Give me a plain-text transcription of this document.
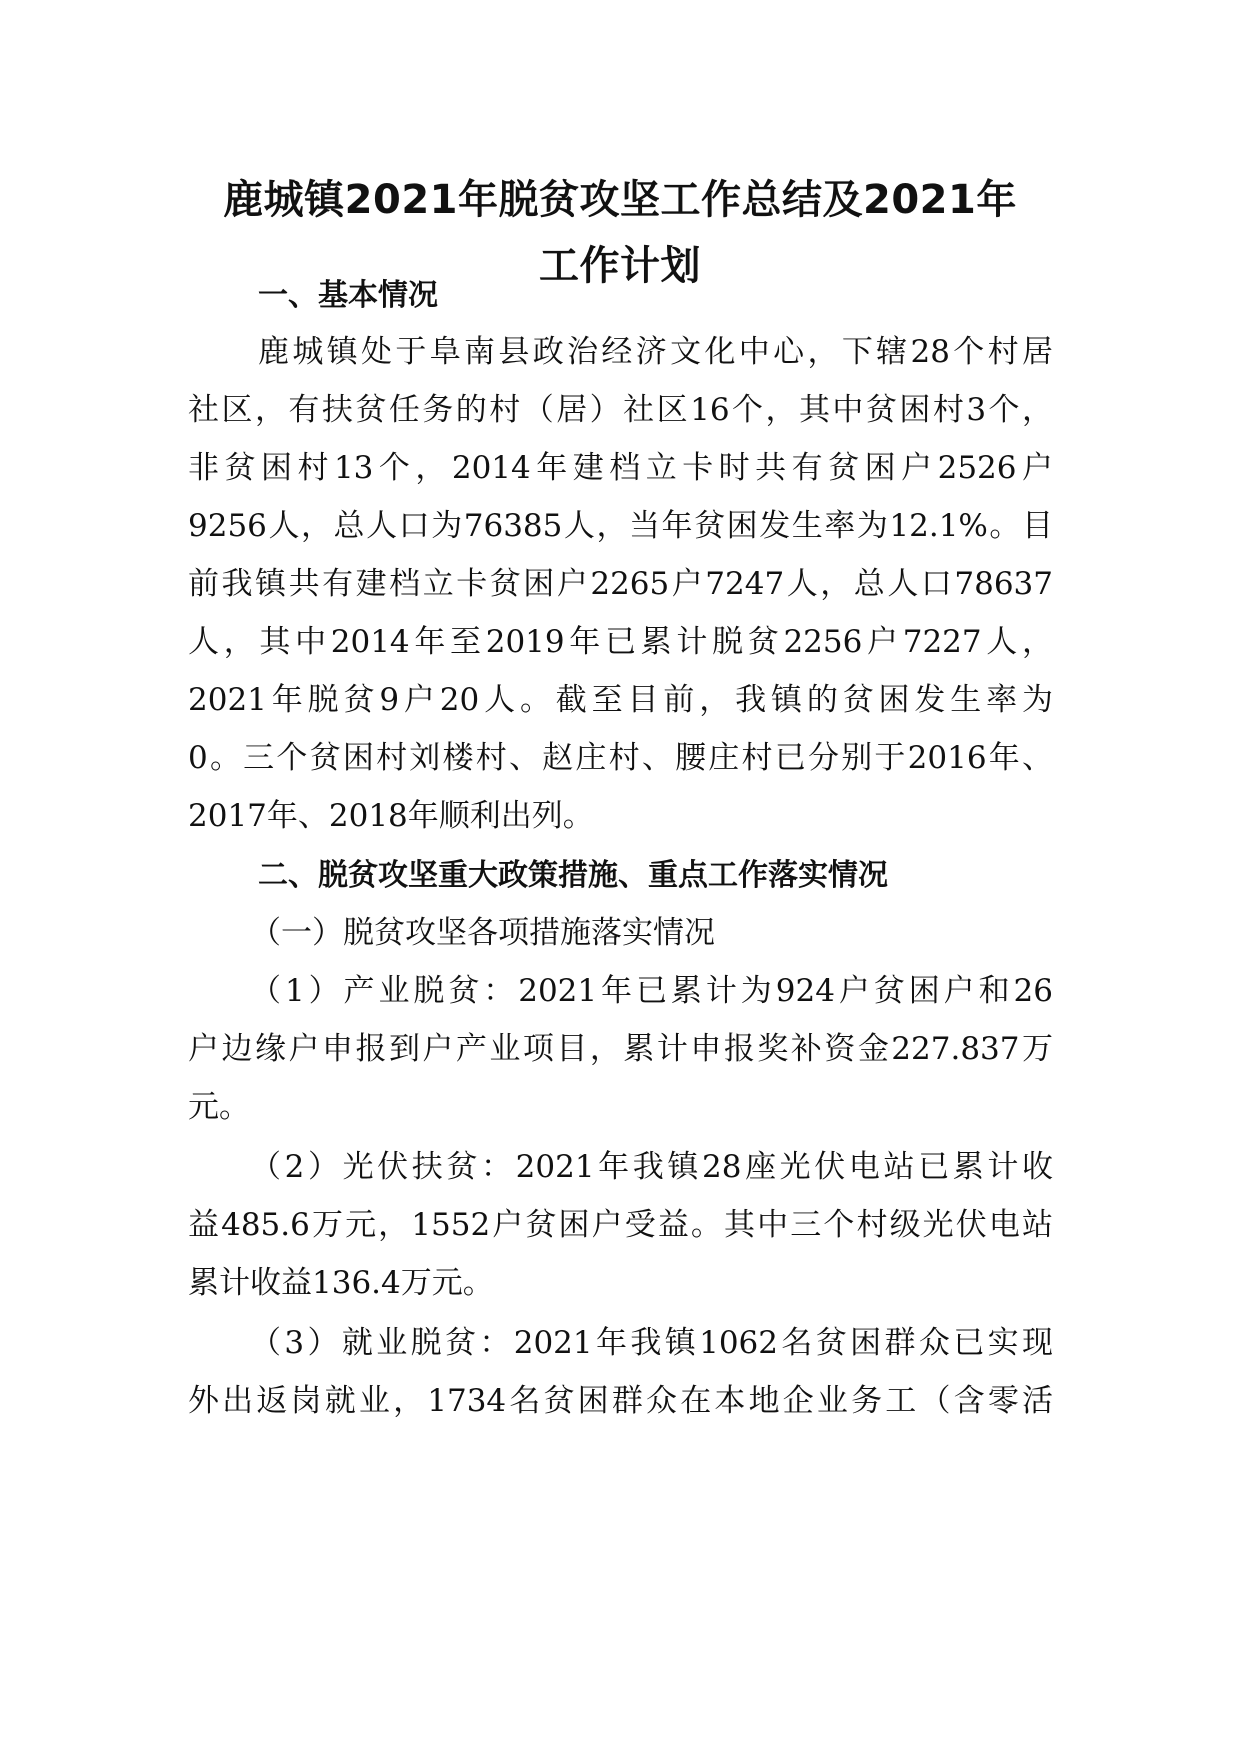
鹿城镇2021年脱贫攻坚工作总结及2021年
工作计划
一、基本情况
鹿城镇处于阜南县政治经济文化中心，下辖28个村居
社区，有扶贫任务的村（居）社区16个，其中贫困村3个，
非贫困村13个，2014年建档立卡时共有贫困户2526户
9256人，总人口为76385人，当年贫困发生率为12.1%。目
前我镇共有建档立卡贫困户2265户7247人，总人口78637
人，其中2014年至2019年已累计脱贫2256户7227人，
2021年脱贫9户20人。截至目前，我镇的贫困发生率为
0。三个贫困村刘楼村、赵庄村、腰庄村已分别于2016年、
2017年、2018年顺利出列。
二、脱贫攻坚重大政策措施、重点工作落实情况
（一）脱贫攻坚各项措施落实情况
（1）产业脱贫：2021年已累计为924户贫困户和26
户边缘户申报到户产业项目，累计申报奖补资金227.837万
元。
（2）光伏扶贫：2021年我镇28座光伏电站已累计收
益485.6万元，1552户贫困户受益。其中三个村级光伏电站
累计收益136.4万元。
（3）就业脱贫：2021年我镇1062名贫困群众已实现
外出返岗就业，1734名贫困群众在本地企业务工（含零活
